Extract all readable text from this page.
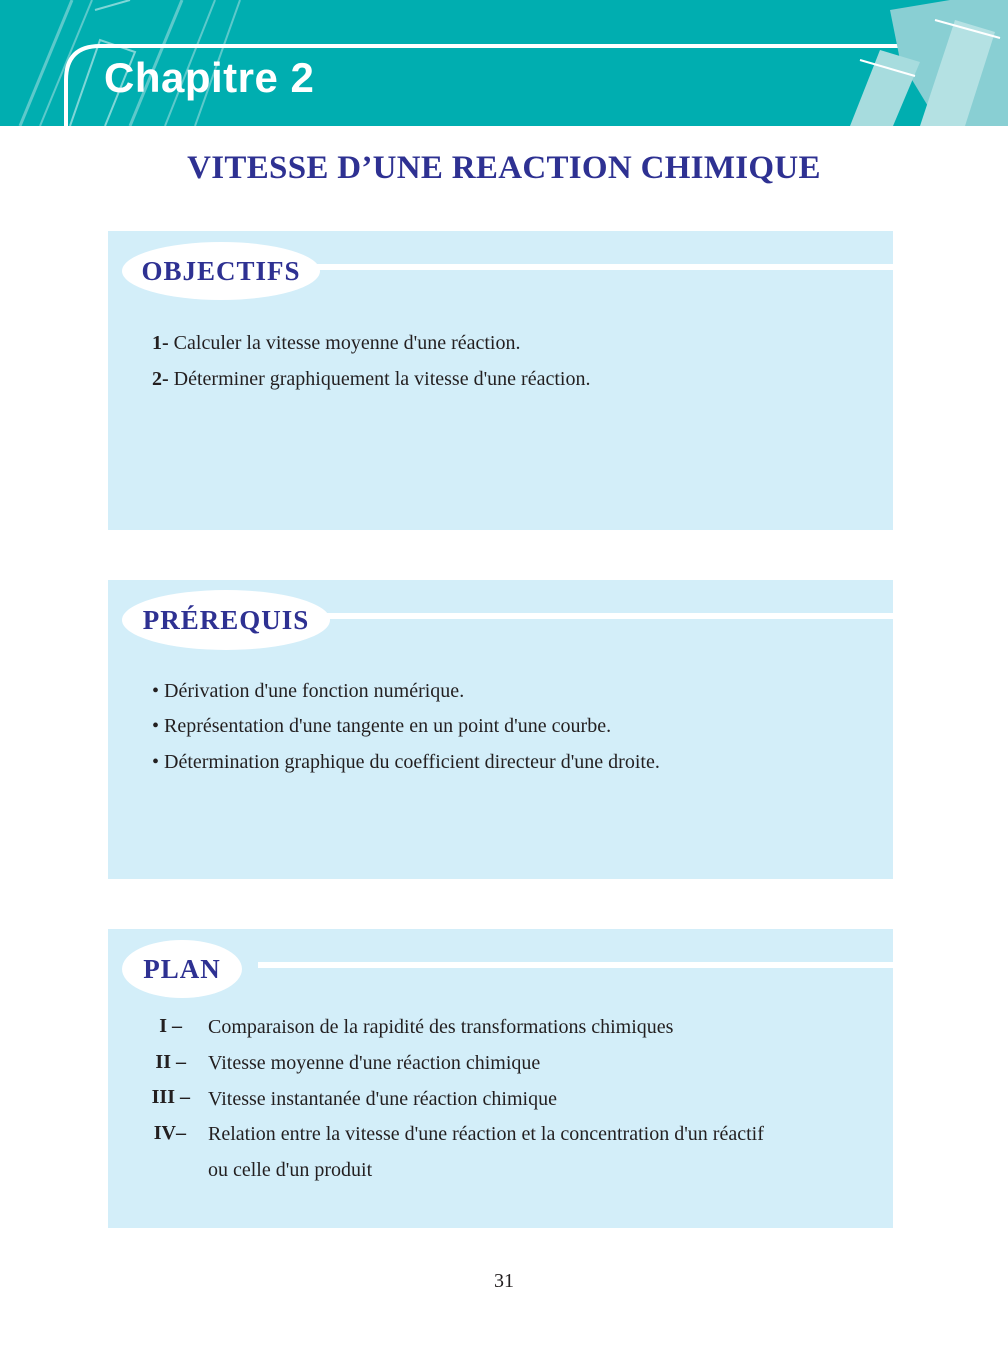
Chapitre 2
VITESSE D’UNE REACTION CHIMIQUE
OBJECTIFS
1- Calculer la vitesse moyenne d'une réaction.
2- Déterminer graphiquement la vitesse d'une réaction.
PRÉREQUIS
• Dérivation d'une fonction numérique.
• Représentation d'une tangente en un point d'une courbe.
• Détermination graphique du coefficient directeur d'une droite.
PLAN
I – Comparaison de la rapidité des transformations chimiques
II – Vitesse moyenne d'une réaction chimique
III – Vitesse instantanée d'une réaction chimique
IV– Relation entre la vitesse d'une réaction et la concentration d'un réactif
ou celle d'un produit
31
